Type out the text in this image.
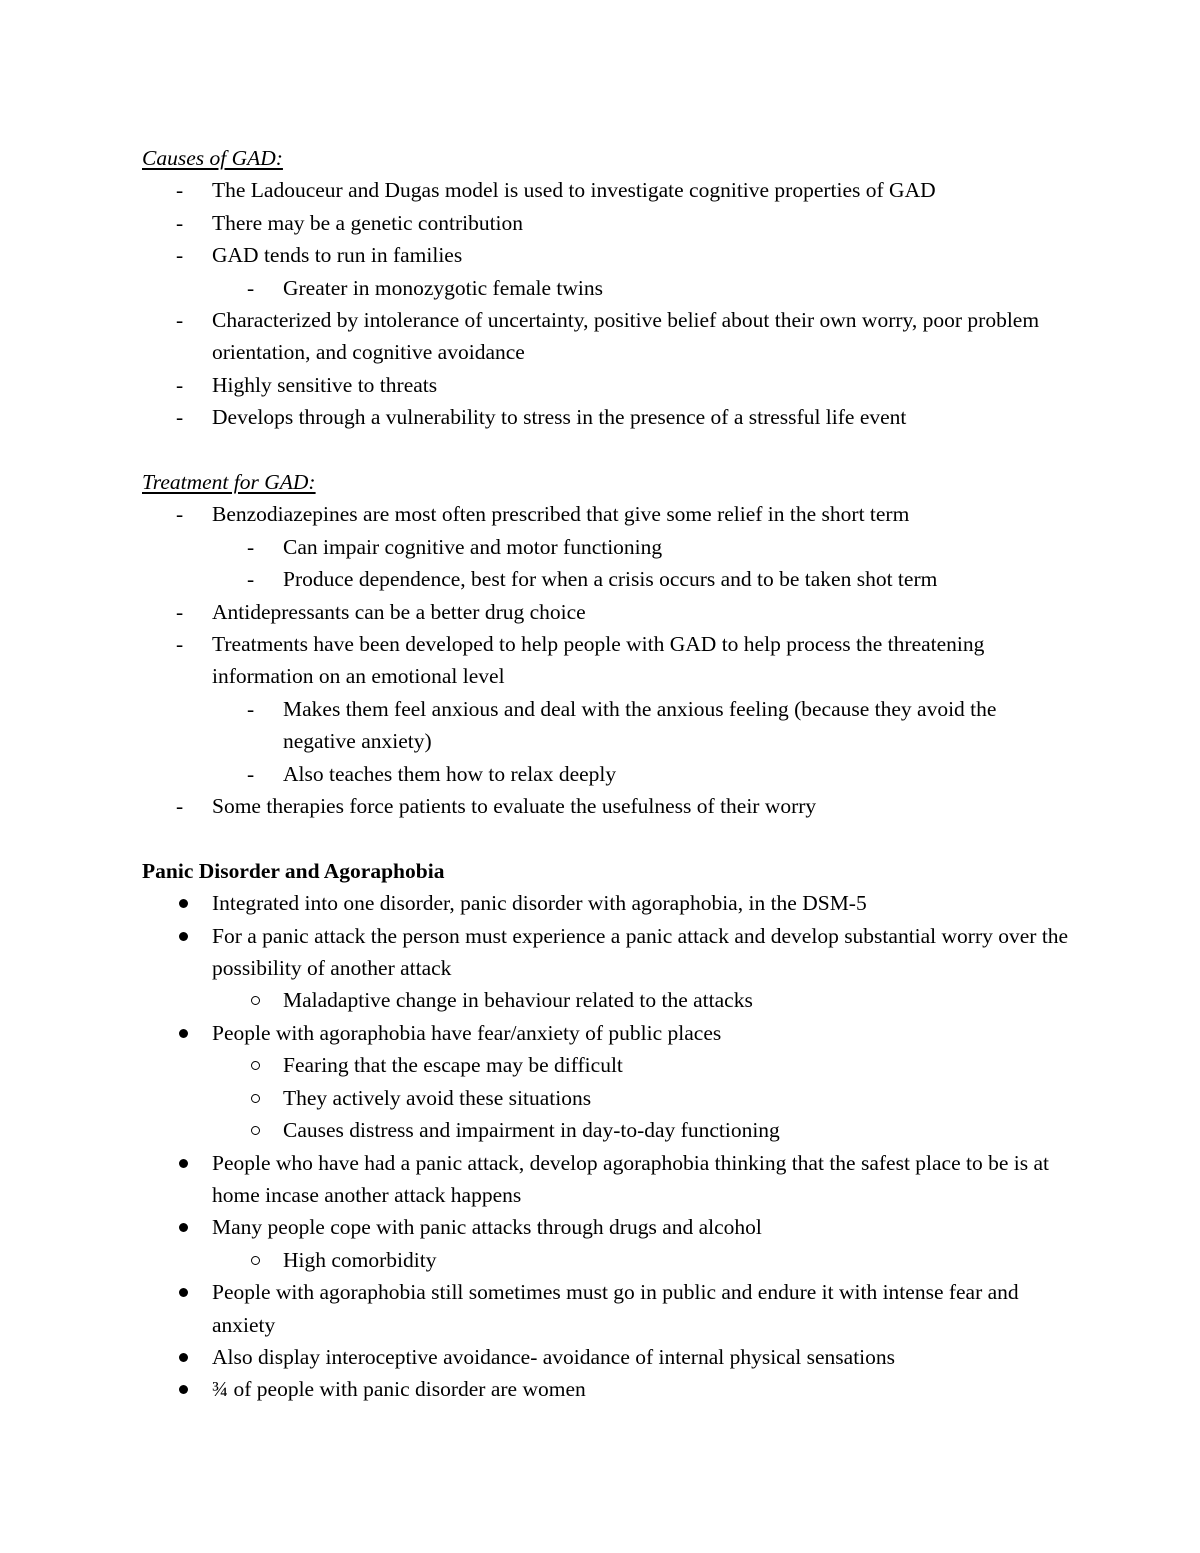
Causes of GAD:
- The Ladouceur and Dugas model is used to investigate cognitive properties of GAD
- There may be a genetic contribution
- GAD tends to run in families
- Greater in monozygotic female twins
- Characterized by intolerance of uncertainty, positive belief about their own worry, poor problem orientation, and cognitive avoidance
- Highly sensitive to threats
- Develops through a vulnerability to stress in the presence of a stressful life event
Treatment for GAD:
- Benzodiazepines are most often prescribed that give some relief in the short term
- Can impair cognitive and motor functioning
- Produce dependence, best for when a crisis occurs and to be taken shot term
- Antidepressants can be a better drug choice
- Treatments have been developed to help people with GAD to help process the threatening information on an emotional level
- Makes them feel anxious and deal with the anxious feeling (because they avoid the negative anxiety)
- Also teaches them how to relax deeply
- Some therapies force patients to evaluate the usefulness of their worry
Panic Disorder and Agoraphobia
Integrated into one disorder, panic disorder with agoraphobia, in the DSM-5
For a panic attack the person must experience a panic attack and develop substantial worry over the possibility of another attack
Maladaptive change in behaviour related to the attacks
People with agoraphobia have fear/anxiety of public places
Fearing that the escape may be difficult
They actively avoid these situations
Causes distress and impairment in day-to-day functioning
People who have had a panic attack, develop agoraphobia thinking that the safest place to be is at home incase another attack happens
Many people cope with panic attacks through drugs and alcohol
High comorbidity
People with agoraphobia still sometimes must go in public and endure it with intense fear and anxiety
Also display interoceptive avoidance- avoidance of internal physical sensations
¾ of people with panic disorder are women
